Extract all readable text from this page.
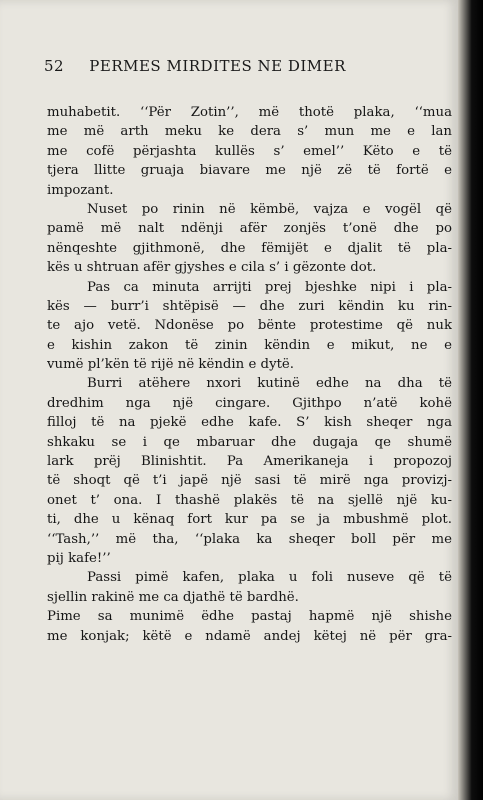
52 PERMES MIRDITES NE DIMER
muhabetit. ‘‘Për Zotin’’, më thotë plaka, ‘‘mua
me më arth meku ke dera s’ mun me e lan
me cofë përjashta kullës s’ emel’’ Këto e të
tjera llitte gruaja biavare me një zë të fortë e
impozant.
Nuset po rinin në këmbë, vajza e vogël që
pamë më nalt ndënji afër zonjës t’onë dhe po
nënqeshte gjithmonë, dhe fëmijët e djalit të pla-
kës u shtruan afër gjyshes e cila s’ i gëzonte dot.
Pas ca minuta arrijti prej bjeshke nipi i pla-
kës — burr’i shtëpisë — dhe zuri këndin ku rin-
te ajo vetë. Ndonëse po bënte protestime që nuk
e kishin zakon të zinin këndin e mikut, ne e
vumë pl’kën të rijë në këndin e dytë.
Burri atëhere nxori kutinë edhe na dha të
dredhim nga një cingare. Gjithpo n’atë kohë
filloj të na pjekë edhe kafe. S’ kish sheqer nga
shkaku se i qe mbaruar dhe dugaja qe shumë
lark prëj Blinishtit. Pa Amerikaneja i propozoj
të shoqt që t’i japë një sasi të mirë nga provizj-
onet t’ ona. I thashë plakës të na sjellë një ku-
ti, dhe u kënaq fort kur pa se ja mbushmë plot.
‘‘Tash,’’ më tha, ‘‘plaka ka sheqer boll për me
pij kafe!’’
Passi pimë kafen, plaka u foli nuseve që të
sjellin rakinë me ca djathë të bardhë.
Pime sa munimë ëdhe pastaj hapmë një shishe
me konjak; këtë e ndamë andej këtej në për gra-
